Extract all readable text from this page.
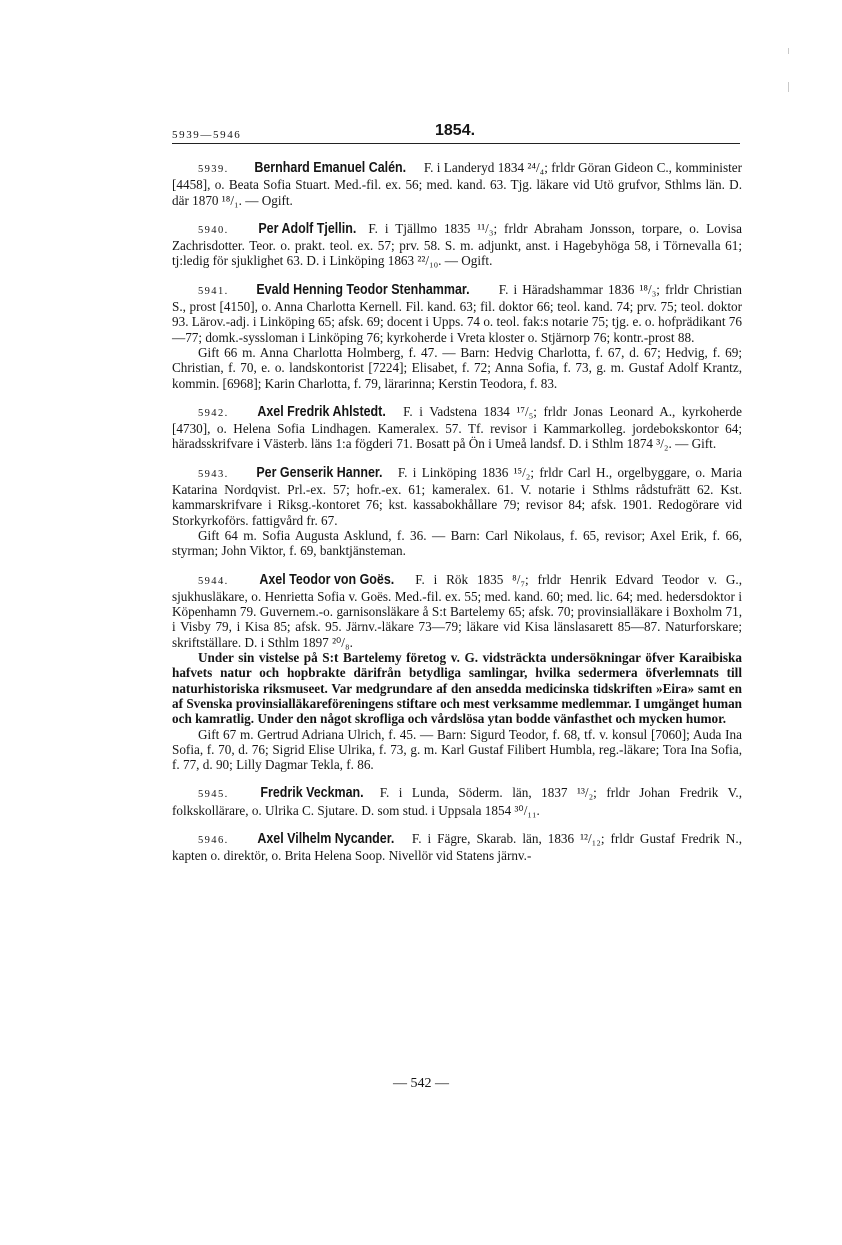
5939—5946	1854.

5939. Bernhard Emanuel Calén. F. i Landeryd 1834 ²⁴/₄; frldr Göran Gideon C., komminister [4458], o. Beata Sofia Stuart. Med.-fil. ex. 56; med. kand. 63. Tjg. läkare vid Utö grufvor, Sthlms län. D. där 1870 ¹⁸/₁. — Ogift.

5940. Per Adolf Tjellin. F. i Tjällmo 1835 ¹¹/₃; frldr Abraham Jonsson, torpare, o. Lovisa Zachrisdotter. Teor. o. prakt. teol. ex. 57; prv. 58. S. m. adjunkt, anst. i Hagebyhöga 58, i Törnevalla 61; tj:ledig för sjuklighet 63. D. i Linköping 1863 ²²/₁₀. — Ogift.

5941. Evald Henning Teodor Stenhammar. F. i Häradshammar 1836 ¹⁸/₃; frldr Christian S., prost [4150], o. Anna Charlotta Kernell. Fil. kand. 63; fil. doktor 66; teol. kand. 74; prv. 75; teol. doktor 93. Lärov.-adj. i Linköping 65; afsk. 69; docent i Upps. 74 o. teol. fak:s notarie 75; tjg. e. o. hofprädikant 76—77; domk.-syssloman i Linköping 76; kyrkoherde i Vreta kloster o. Stjärnorp 76; kontr.-prost 88.

Gift 66 m. Anna Charlotta Holmberg, f. 47. — Barn: Hedvig Charlotta, f. 67, d. 67; Hedvig, f. 69; Christian, f. 70, e. o. landskontorist [7224]; Elisabet, f. 72; Anna Sofia, f. 73, g. m. Gustaf Adolf Krantz, kommin. [6968]; Karin Charlotta, f. 79, lärarinna; Kerstin Teodora, f. 83.

5942. Axel Fredrik Ahlstedt. F. i Vadstena 1834 ¹⁷/₅; frldr Jonas Leonard A., kyrkoherde [4730], o. Helena Sofia Lindhagen. Kameralex. 57. Tf. revisor i Kammarkolleg. jordebokskontor 64; häradsskrifvare i Västerb. läns 1:a fögderi 71. Bosatt på Ön i Umeå landsf. D. i Sthlm 1874 ³/₂. — Gift.

5943. Per Genserik Hanner. F. i Linköping 1836 ¹⁵/₂; frldr Carl H., orgelbyggare, o. Maria Katarina Nordqvist. Prl.-ex. 57; hofr.-ex. 61; kameralex. 61. V. notarie i Sthlms rådstufrätt 62. Kst. kammarskrifvare i Riksg.-kontoret 76; kst. kassabokhållare 79; revisor 84; afsk. 1901. Redogörare vid Storkyrkoförs. fattigvård fr. 67.

Gift 64 m. Sofia Augusta Asklund, f. 36. — Barn: Carl Nikolaus, f. 65, revisor; Axel Erik, f. 66, styrman; John Viktor, f. 69, banktjänsteman.

5944. Axel Teodor von Goës. F. i Rök 1835 ⁸/₇; frldr Henrik Edvard Teodor v. G., sjukhusläkare, o. Henrietta Sofia v. Goës. Med.-fil. ex. 55; med. kand. 60; med. lic. 64; med. hedersdoktor i Köpenhamn 79. Guvernem.-o. garnisonsläkare å S:t Bartelemy 65; afsk. 70; provinsialläkare i Boxholm 71, i Visby 79, i Kisa 85; afsk. 95. Järnv.-läkare 73—79; läkare vid Kisa länslasarett 85—87. Naturforskare; skriftställare. D. i Sthlm 1897 ²⁰/₈.

Under sin vistelse på S:t Bartelemy företog v. G. vidsträckta undersökningar öfver Karaibiska hafvets natur och hopbrakte därifrån betydliga samlingar, hvilka sedermera öfverlemnats till naturhistoriska riksmuseet. Var medgrundare af den ansedda medicinska tidskriften »Eira» samt en af Svenska provinsialläkareföreningens stiftare och mest verksamme medlemmar. I umgänget human och kamratlig. Under den något skrofliga och vårdslösa ytan bodde vänfasthet och mycken humor.

Gift 67 m. Gertrud Adriana Ulrich, f. 45. — Barn: Sigurd Teodor, f. 68, tf. v. konsul [7060]; Auda Ina Sofia, f. 70, d. 76; Sigrid Elise Ulrika, f. 73, g. m. Karl Gustaf Filibert Humbla, reg.-läkare; Tora Ina Sofia, f. 77, d. 90; Lilly Dagmar Tekla, f. 86.

5945. Fredrik Veckman. F. i Lunda, Söderm. län, 1837 ¹³/₂; frldr Johan Fredrik V., folkskollärare, o. Ulrika C. Sjutare. D. som stud. i Uppsala 1854 ³⁰/₁₁.

5946. Axel Vilhelm Nycander. F. i Fägre, Skarab. län, 1836 ¹²/₁₂; frldr Gustaf Fredrik N., kapten o. direktör, o. Brita Helena Soop. Nivellör vid Statens järnv.-

— 542 —
